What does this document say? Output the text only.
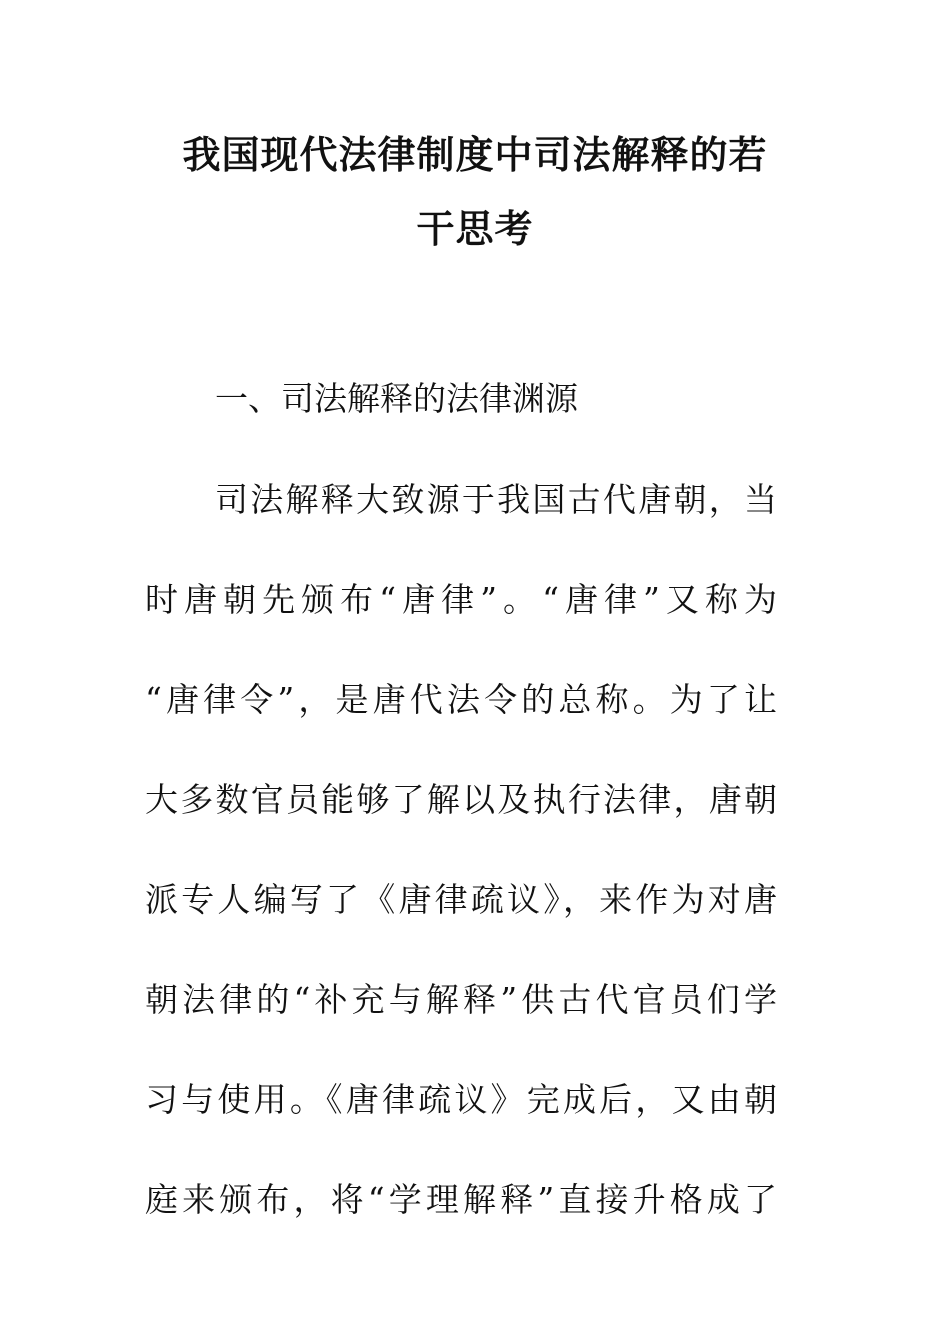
我国现代法律制度中司法解释的若
干思考
一、司法解释的法律渊源
司法解释大致源于我国古代唐朝，当
时唐朝先颁布“唐律”。“唐律”又称为
“唐律令”，是唐代法令的总称。为了让
大多数官员能够了解以及执行法律，唐朝
派专人编写了《唐律疏议》，来作为对唐
朝法律的“补充与解释”供古代官员们学
习与使用。《唐律疏议》完成后，又由朝
庭来颁布，将“学理解释”直接升格成了
